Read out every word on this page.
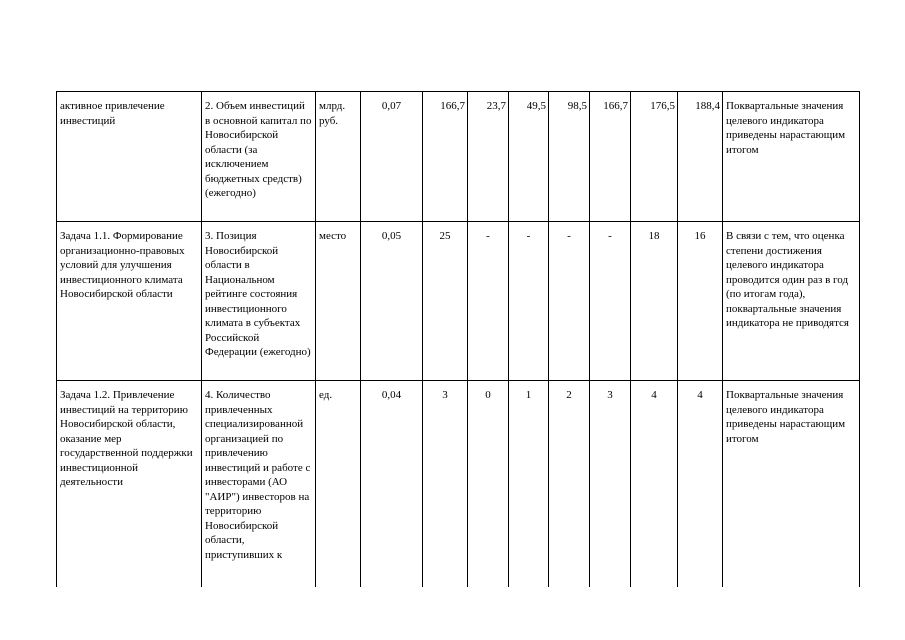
активное привлечение инвестиций	2. Объем инвестиций в основной капитал по Новосибирской области (за исключением бюджетных средств) (ежегодно)	млрд. руб.	0,07	166,7	23,7	49,5	98,5	166,7	176,5	188,4	Поквартальные значения целевого индикатора приведены нарастающим итогом
Задача 1.1. Формирование организационно-правовых условий для улучшения инвестиционного климата Новосибирской области	3. Позиция Новосибирской области в Национальном рейтинге состояния инвестиционного климата в субъектах Российской Федерации (ежегодно)	место	0,05	25	-	-	-	-	18	16	В связи с тем, что оценка степени достижения целевого индикатора проводится один раз в год (по итогам года), поквартальные значения индикатора не приводятся
Задача 1.2. Привлечение инвестиций на территорию Новосибирской области, оказание мер государственной поддержки инвестиционной деятельности	4. Количество привлеченных специализированной организацией по привлечению инвестиций и работе с инвесторами (АО "АИР") инвесторов на территорию Новосибирской области, приступивших к	ед.	0,04	3	0	1	2	3	4	4	Поквартальные значения целевого индикатора приведены нарастающим итогом
